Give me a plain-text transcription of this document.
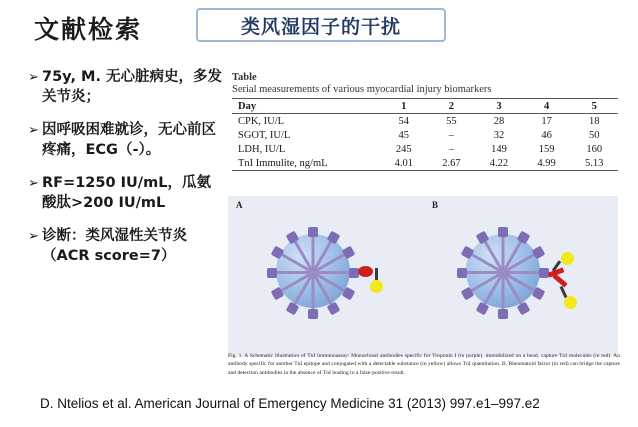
文献检索	类风湿因子的干扰
➢ 75y, M. 无心脏病史，多发关节炎；
➢ 因呼吸困难就诊，无心前区疼痛，ECG（-）。
➢ RF=1250 IU/mL，瓜氨酸肽>200 IU/mL
➢ 诊断：类风湿性关节炎（ACR score=7）
Table
Serial measurements of various myocardial injury biomarkers
Day	1	2	3	4	5
CPK, IU/L	54	55	28	17	18
SGOT, IU/L	45	–	32	46	50
LDH, IU/L	245	–	149	159	160
TnI Immulite, ng/mL	4.01	2.67	4.22	4.99	5.13
A	B
Fig. 1. A Schematic illustration of TnI immunoassay: Monoclonal antibodies specific for Troponin I (in purple), immobilized on a bead, capture TnI molecules (in red). An antibody specific for another TnI epitope and conjugated with a detectable substance (in yellow) allows TnI quantitation. B, Rheumatoid factor (in red) can bridge the capture and detection antibodies in the absence of TnI leading to a false-positive result.
D. Ntelios et al. American Journal of Emergency Medicine 31 (2013) 997.e1–997.e2
